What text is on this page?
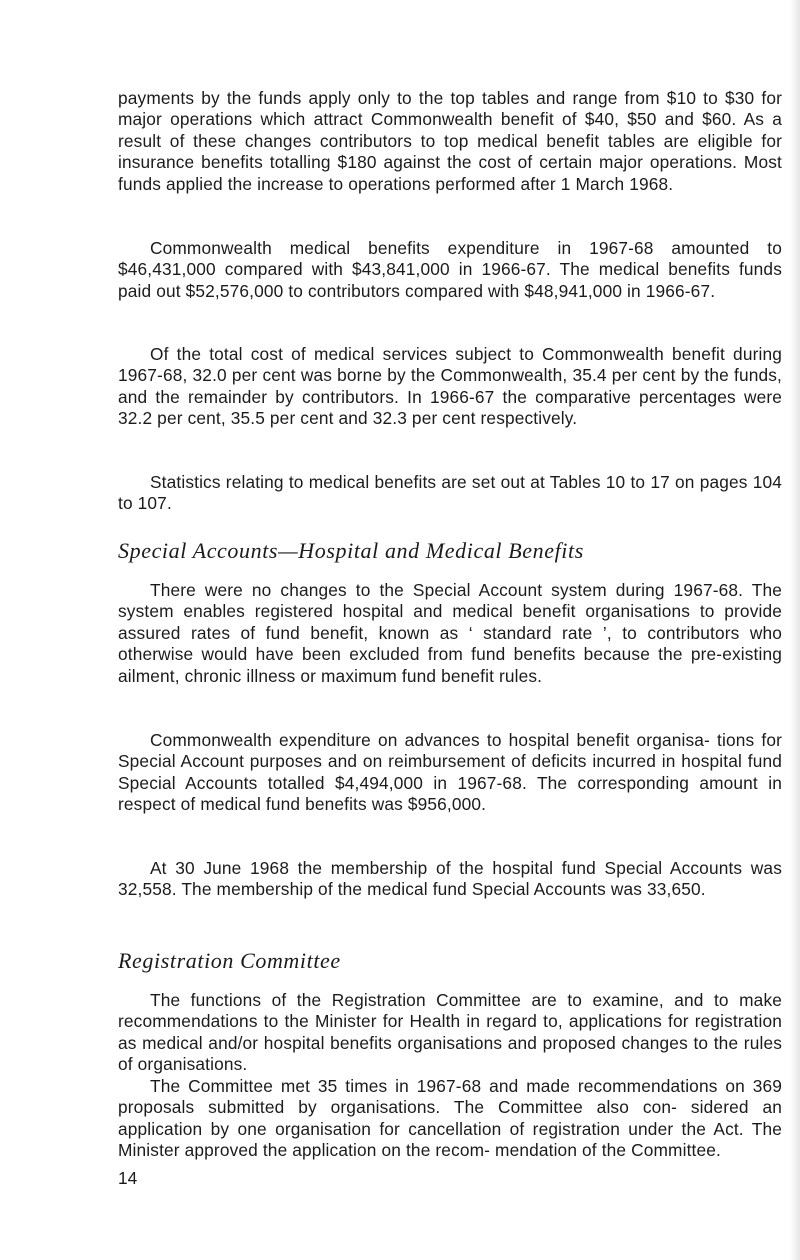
payments by the funds apply only to the top tables and range from $10 to $30 for major operations which attract Commonwealth benefit of $40, $50 and $60. As a result of these changes contributors to top medical benefit tables are eligible for insurance benefits totalling $180 against the cost of certain major operations. Most funds applied the increase to operations performed after 1 March 1968.

Commonwealth medical benefits expenditure in 1967-68 amounted to $46,431,000 compared with $43,841,000 in 1966-67. The medical benefits funds paid out $52,576,000 to contributors compared with $48,941,000 in 1966-67.

Of the total cost of medical services subject to Commonwealth benefit during 1967-68, 32.0 per cent was borne by the Commonwealth, 35.4 per cent by the funds, and the remainder by contributors. In 1966-67 the comparative percentages were 32.2 per cent, 35.5 per cent and 32.3 per cent respectively.

Statistics relating to medical benefits are set out at Tables 10 to 17 on pages 104 to 107.

Special Accounts—Hospital and Medical Benefits

There were no changes to the Special Account system during 1967-68. The system enables registered hospital and medical benefit organisations to provide assured rates of fund benefit, known as ‘ standard rate ’, to contributors who otherwise would have been excluded from fund benefits because the pre-existing ailment, chronic illness or maximum fund benefit rules.

Commonwealth expenditure on advances to hospital benefit organisa- tions for Special Account purposes and on reimbursement of deficits incurred in hospital fund Special Accounts totalled $4,494,000 in 1967-68. The corresponding amount in respect of medical fund benefits was $956,000.

At 30 June 1968 the membership of the hospital fund Special Accounts was 32,558. The membership of the medical fund Special Accounts was 33,650.

Registration Committee

The functions of the Registration Committee are to examine, and to make recommendations to the Minister for Health in regard to, applications for registration as medical and/or hospital benefits organisations and proposed changes to the rules of organisations.

The Committee met 35 times in 1967-68 and made recommendations on 369 proposals submitted by organisations. The Committee also con- sidered an application by one organisation for cancellation of registration under the Act. The Minister approved the application on the recom- mendation of the Committee.

14
